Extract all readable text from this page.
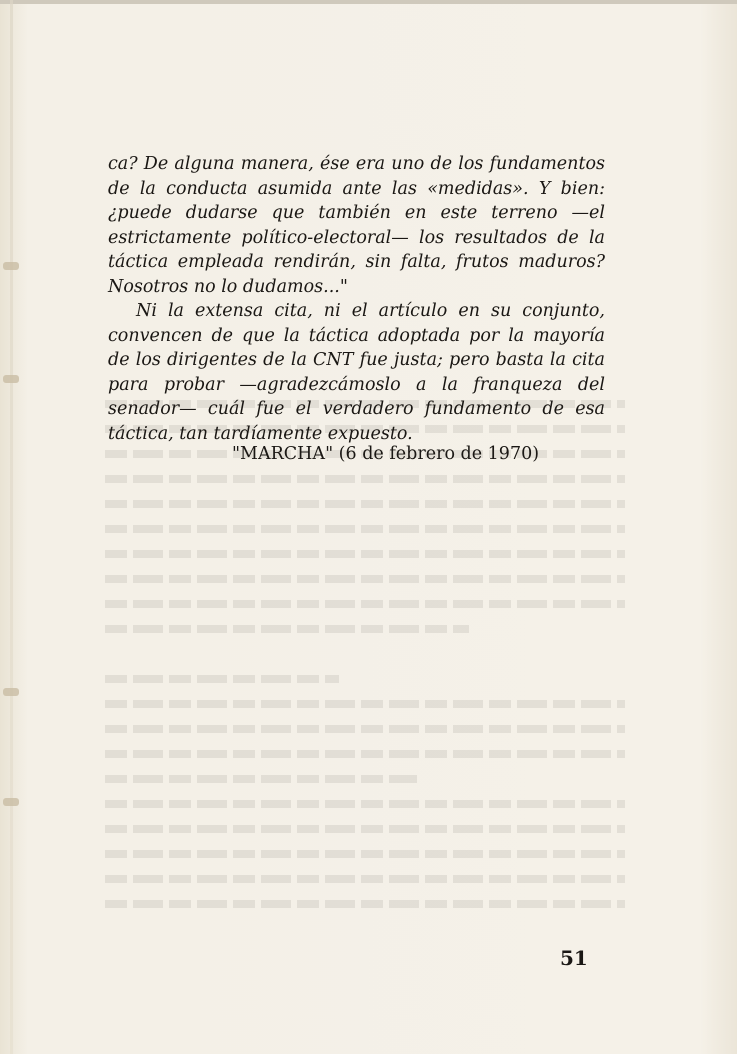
ca? De alguna manera, ése era uno de los fundamentos de la conducta asumida ante las «medidas». Y bien: ¿puede dudarse que también en este terreno —el estrictamente político-electoral— los resultados de la táctica empleada rendirán, sin falta, frutos maduros? Nosotros no lo dudamos..."

Ni la extensa cita, ni el artículo en su conjunto, convencen de que la táctica adoptada por la mayoría de los dirigentes de la CNT fue justa; pero basta la cita para probar —agradezcámoslo a la franqueza del senador— cuál fue el verdadero fundamento de esa táctica, tan tardíamente expuesto.

"MARCHA" (6 de febrero de 1970)
51
